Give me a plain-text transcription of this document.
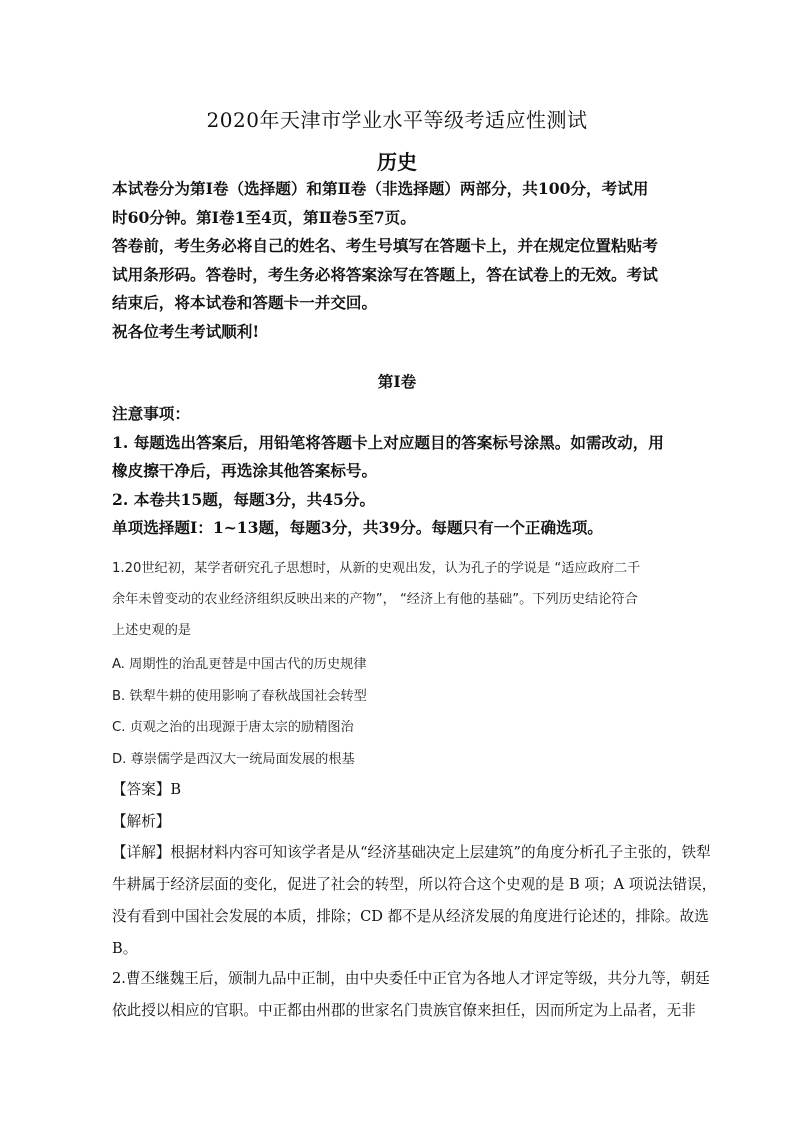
2020年天津市学业水平等级考适应性测试
历史
本试卷分为第Ⅰ卷（选择题）和第Ⅱ卷（非选择题）两部分，共100分，考试用
时60分钟。第Ⅰ卷1至4页，第Ⅱ卷5至7页。
答卷前，考生务必将自己的姓名、考生号填写在答题卡上，并在规定位置粘贴考
试用条形码。答卷时，考生务必将答案涂写在答题上，答在试卷上的无效。考试
结束后，将本试卷和答题卡一并交回。
祝各位考生考试顺利!
第Ⅰ卷
注意事项：
1. 每题选出答案后，用铅笔将答题卡上对应题目的答案标号涂黑。如需改动，用
橡皮擦干净后，再选涂其他答案标号。
2. 本卷共15题，每题3分，共45分。
单项选择题Ⅰ：1~13题，每题3分，共39分。每题只有一个正确选项。
1.20世纪初，某学者研究孔子思想时，从新的史观出发，认为孔子的学说是 “适应政府二千
余年未曾变动的农业经济组织反映出来的产物”， “经济上有他的基础”。下列历史结论符合
上述史观的是
A. 周期性的治乱更替是中国古代的历史规律
B. 铁犁牛耕的使用影响了春秋战国社会转型
C. 贞观之治的出现源于唐太宗的励精图治
D. 尊崇儒学是西汉大一统局面发展的根基
【答案】B
【解析】
【详解】根据材料内容可知该学者是从“经济基础决定上层建筑”的角度分析孔子主张的，铁犁
牛耕属于经济层面的变化，促进了社会的转型，所以符合这个史观的是 B 项；A 项说法错误，
没有看到中国社会发展的本质，排除；CD 都不是从经济发展的角度进行论述的，排除。故选
B。
2.曹丕继魏王后，颁制九品中正制，由中央委任中正官为各地人才评定等级，共分九等，朝廷
依此授以相应的官职。中正都由州郡的世家名门贵族官僚来担任，因而所定为上品者，无非
